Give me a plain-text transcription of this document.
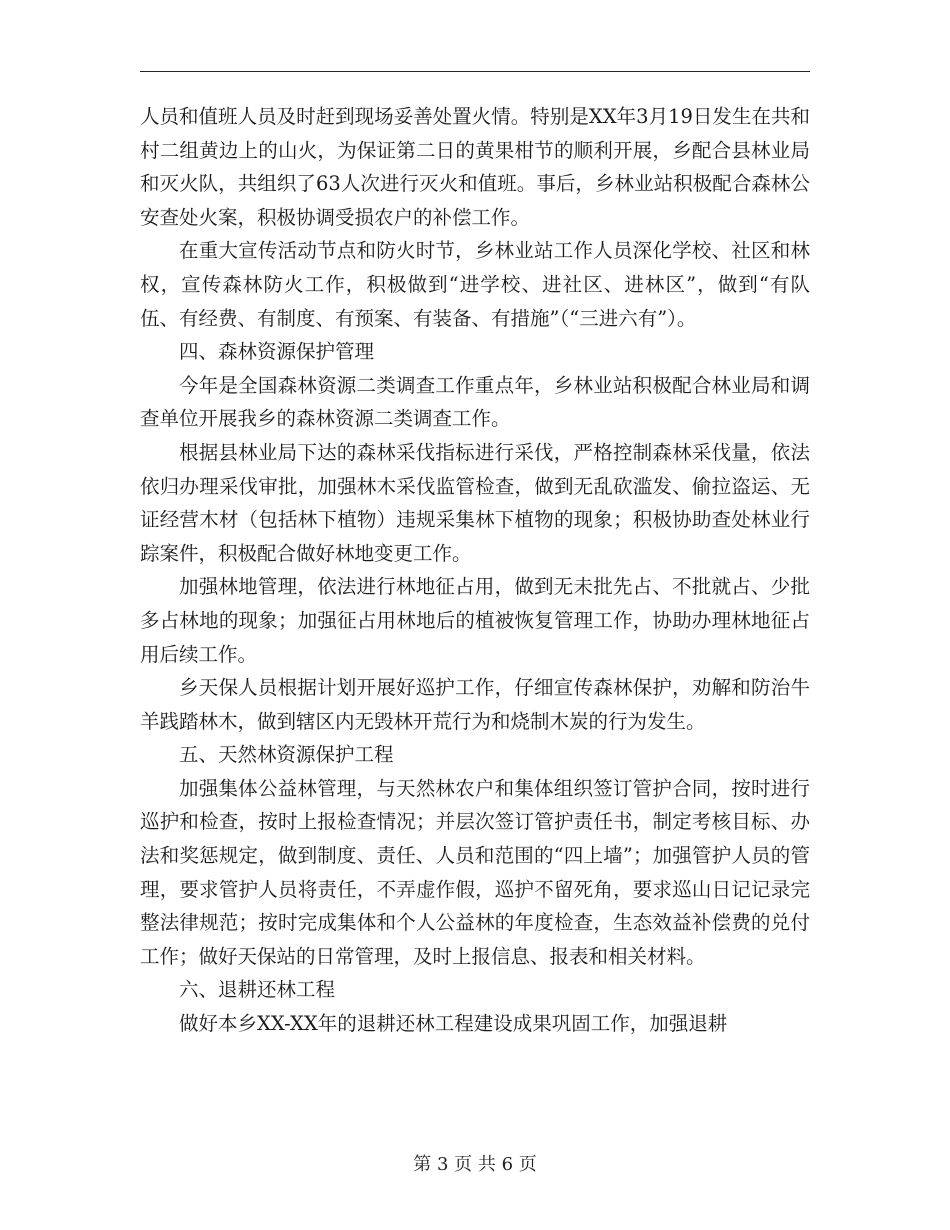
人员和值班人员及时赶到现场妥善处置火情。特别是XX年3月19日发生在共和村二组黄边上的山火，为保证第二日的黄果柑节的顺利开展，乡配合县林业局和灭火队，共组织了63人次进行灭火和值班。事后，乡林业站积极配合森林公安查处火案，积极协调受损农户的补偿工作。

在重大宣传活动节点和防火时节，乡林业站工作人员深化学校、社区和林权，宣传森林防火工作，积极做到“进学校、进社区、进林区”，做到“有队伍、有经费、有制度、有预案、有装备、有措施”（“三进六有”）。

四、森林资源保护管理

今年是全国森林资源二类调查工作重点年，乡林业站积极配合林业局和调查单位开展我乡的森林资源二类调查工作。

根据县林业局下达的森林采伐指标进行采伐，严格控制森林采伐量，依法依归办理采伐审批，加强林木采伐监管检查，做到无乱砍滥发、偷拉盗运、无证经营木材（包括林下植物）违规采集林下植物的现象；积极协助查处林业行踪案件，积极配合做好林地变更工作。

加强林地管理，依法进行林地征占用，做到无未批先占、不批就占、少批多占林地的现象；加强征占用林地后的植被恢复管理工作，协助办理林地征占用后续工作。

乡天保人员根据计划开展好巡护工作，仔细宣传森林保护，劝解和防治牛羊践踏林木，做到辖区内无毁林开荒行为和烧制木炭的行为发生。

五、天然林资源保护工程

加强集体公益林管理，与天然林农户和集体组织签订管护合同，按时进行巡护和检查，按时上报检查情况；并层次签订管护责任书，制定考核目标、办法和奖惩规定，做到制度、责任、人员和范围的“四上墙”；加强管护人员的管理，要求管护人员将责任，不弄虚作假，巡护不留死角，要求巡山日记记录完整法律规范；按时完成集体和个人公益林的年度检查，生态效益补偿费的兑付工作；做好天保站的日常管理，及时上报信息、报表和相关材料。

六、退耕还林工程

做好本乡XX-XX年的退耕还林工程建设成果巩固工作，加强退耕

第 3 页 共 6 页
